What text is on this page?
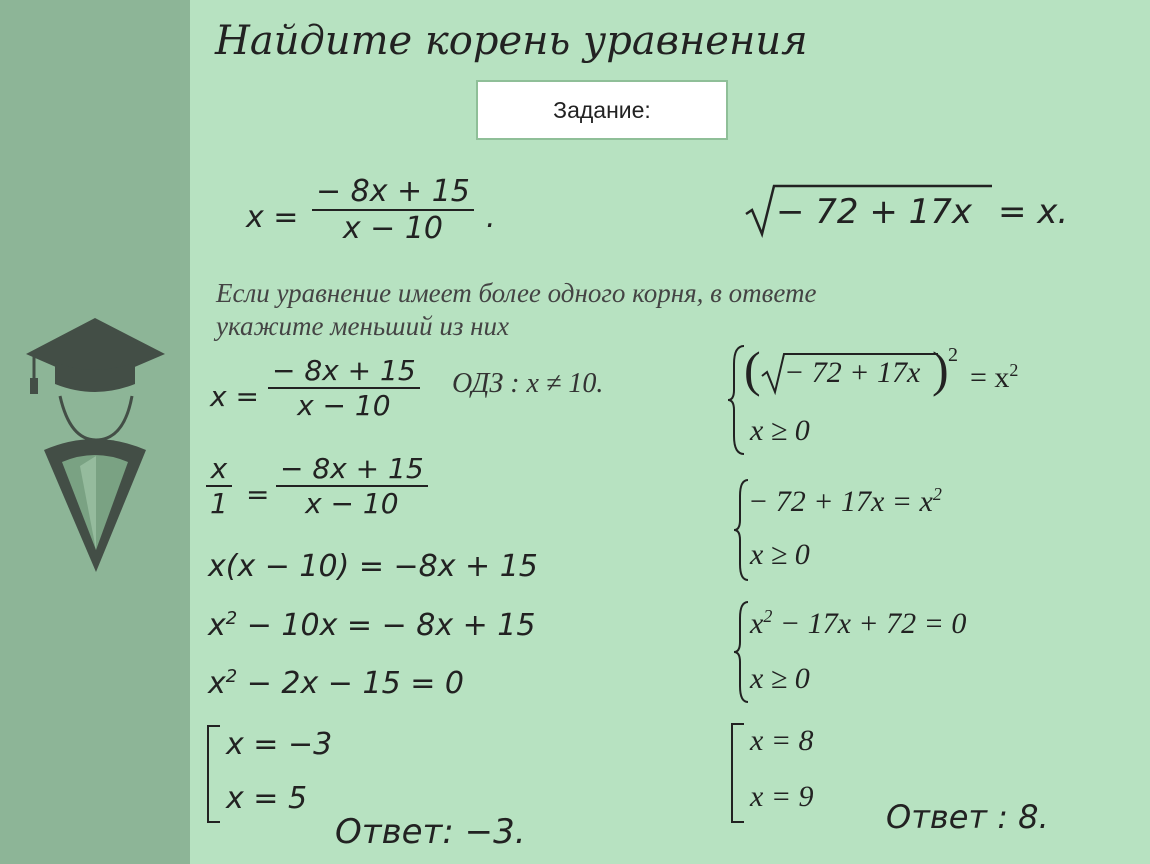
Найдите корень уравнения
Задание:
x =
− 8x + 15
x − 10 .	− 72 + 17x = x.
Если уравнение имеет более одного корня, в ответе
укажите меньший из них
x =
− 8x + 15
x − 10
ОДЗ : x ≠ 10.
x
1 =
− 8x + 15
x − 10
x(x − 10) = −8x + 15
$x^2 - 10x$ = − 8x + 15
$x^2 - 2x - 15 = 0$
x = −3
x = 5
Ответ: −3.
( − 72 + 17x ) 2
= $x^2$
x ≥ 0
− $72 + 17x = x^2$
x ≥ 0
$x^2 - 17x + 72 = 0$
x ≥ 0
x = 8
x = 9
Ответ : 8.
